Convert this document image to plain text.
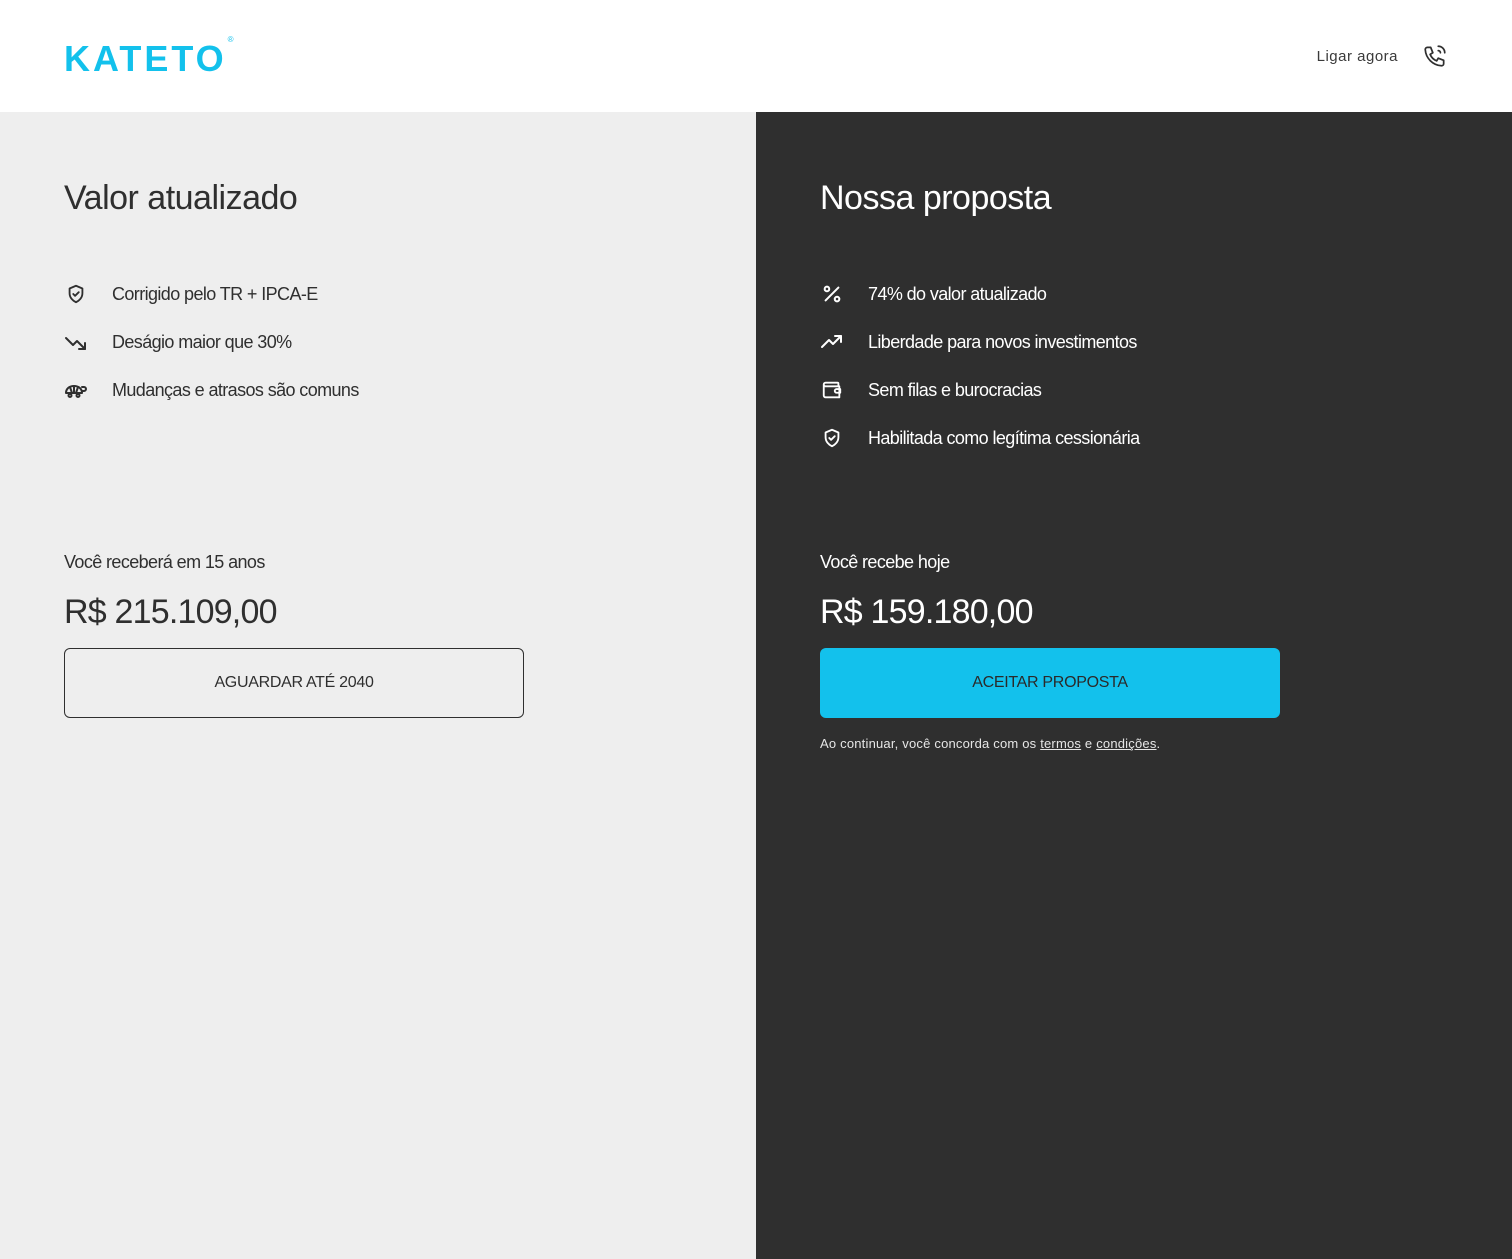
KATETO ®
Ligar agora
Valor atualizado
Corrigido pelo TR + IPCA-E
Deságio maior que 30%
Mudanças e atrasos são comuns
Você receberá em 15 anos
R$ 215.109,00
AGUARDAR ATÉ 2040
Nossa proposta
74% do valor atualizado
Liberdade para novos investimentos
Sem filas e burocracias
Habilitada como legítima cessionária
Você recebe hoje
R$ 159.180,00
ACEITAR PROPOSTA

Ao continuar, você concorda com os termos e condições.
